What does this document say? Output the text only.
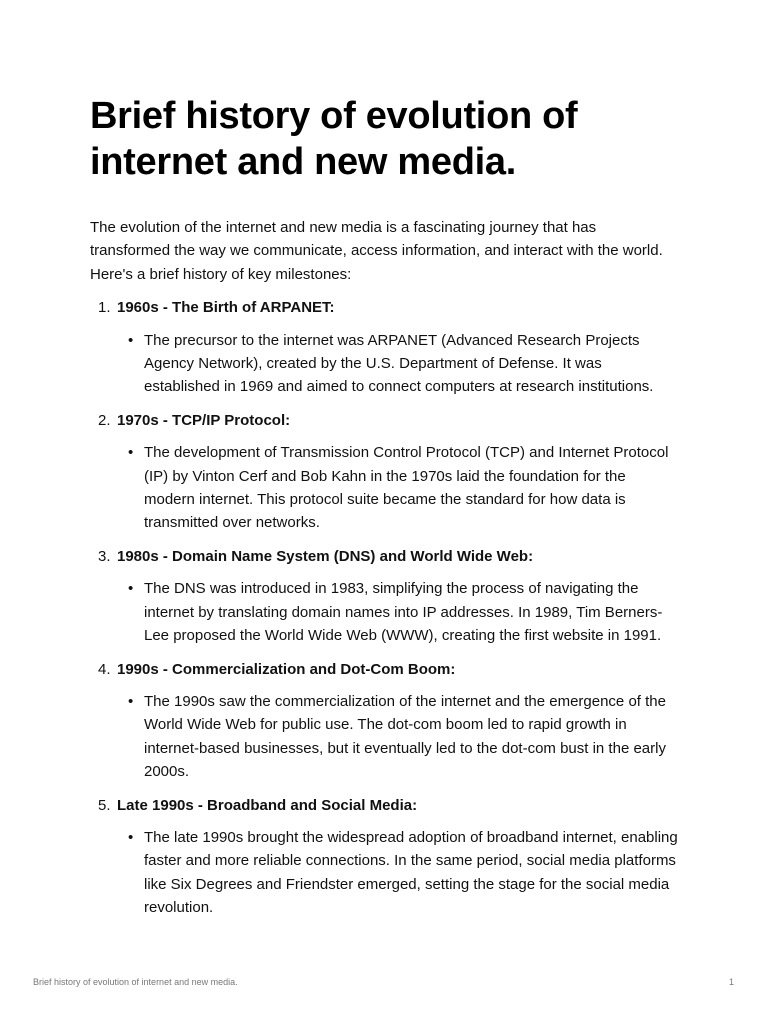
Brief history of evolution of internet and new media.

The evolution of the internet and new media is a fascinating journey that has transformed the way we communicate, access information, and interact with the world. Here's a brief history of key milestones:

1. 1960s - The Birth of ARPANET:
• The precursor to the internet was ARPANET (Advanced Research Projects Agency Network), created by the U.S. Department of Defense. It was established in 1969 and aimed to connect computers at research institutions.
2. 1970s - TCP/IP Protocol:
• The development of Transmission Control Protocol (TCP) and Internet Protocol (IP) by Vinton Cerf and Bob Kahn in the 1970s laid the foundation for the modern internet. This protocol suite became the standard for how data is transmitted over networks.
3. 1980s - Domain Name System (DNS) and World Wide Web:
• The DNS was introduced in 1983, simplifying the process of navigating the internet by translating domain names into IP addresses. In 1989, Tim Berners-Lee proposed the World Wide Web (WWW), creating the first website in 1991.
4. 1990s - Commercialization and Dot-Com Boom:
• The 1990s saw the commercialization of the internet and the emergence of the World Wide Web for public use. The dot-com boom led to rapid growth in internet-based businesses, but it eventually led to the dot-com bust in the early 2000s.
5. Late 1990s - Broadband and Social Media:
• The late 1990s brought the widespread adoption of broadband internet, enabling faster and more reliable connections. In the same period, social media platforms like Six Degrees and Friendster emerged, setting the stage for the social media revolution.
Brief history of evolution of internet and new media.	1
